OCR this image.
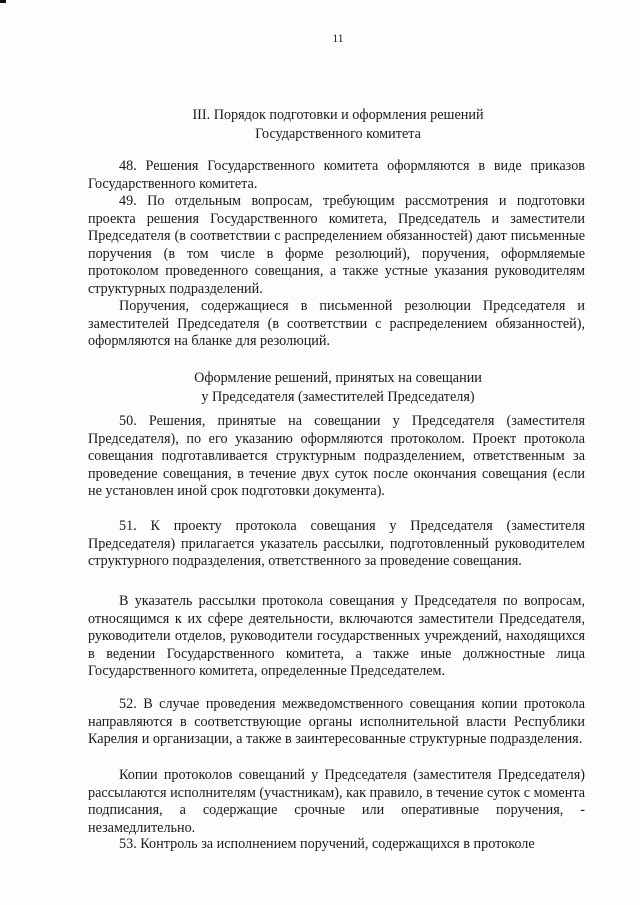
11
III. Порядок подготовки и оформления решений
Государственного комитета
48. Решения Государственного комитета оформляются в виде приказов Государственного комитета.
49. По отдельным вопросам, требующим рассмотрения и подготовки проекта решения Государственного комитета, Председатель и заместители Председателя (в соответствии с распределением обязанностей) дают письменные поручения (в том числе в форме резолюций), поручения, оформляемые протоколом проведенного совещания, а также устные указания руководителям структурных подразделений.
Поручения, содержащиеся в письменной резолюции Председателя и заместителей Председателя (в соответствии с распределением обязанностей), оформляются на бланке для резолюций.
Оформление решений, принятых на совещании
у Председателя (заместителей Председателя)
50. Решения, принятые на совещании у Председателя (заместителя Председателя), по его указанию оформляются протоколом. Проект протокола совещания подготавливается структурным подразделением, ответственным за проведение совещания, в течение двух суток после окончания совещания (если не установлен иной срок подготовки документа).
51. К проекту протокола совещания у Председателя (заместителя Председателя) прилагается указатель рассылки, подготовленный руководителем структурного подразделения, ответственного за проведение совещания.
В указатель рассылки протокола совещания у Председателя по вопросам, относящимся к их сфере деятельности, включаются заместители Председателя, руководители отделов, руководители государственных учреждений, находящихся в ведении Государственного комитета, а также иные должностные лица Государственного комитета, определенные Председателем.
52. В случае проведения межведомственного совещания копии протокола направляются в соответствующие органы исполнительной власти Республики Карелия и организации, а также в заинтересованные структурные подразделения.
Копии протоколов совещаний у Председателя (заместителя Председателя) рассылаются исполнителям (участникам), как правило, в течение суток с момента подписания, а содержащие срочные или оперативные поручения, - незамедлительно.
53. Контроль за исполнением поручений, содержащихся в протоколе
